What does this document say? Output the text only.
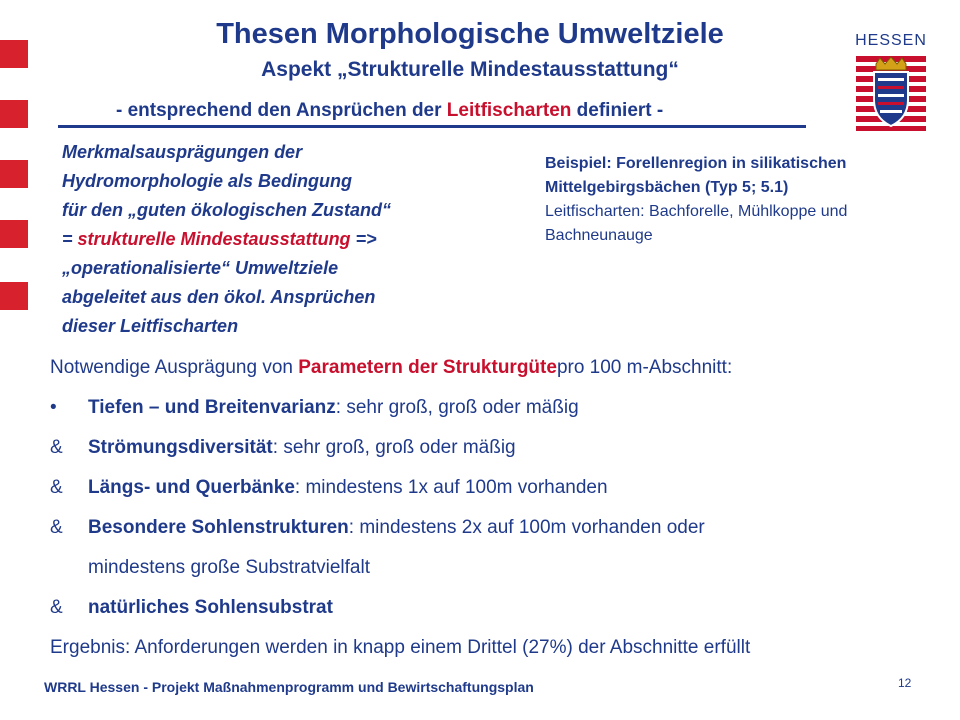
Thesen Morphologische Umweltziele
Aspekt „Strukturelle Mindestausstattung“
- entsprechend den Ansprüchen der Leitfischarten definiert -
HESSEN
Merkmalsausprägungen der
Hydromorphologie als Bedingung
für den „guten ökologischen Zustand“
= strukturelle Mindestausstattung =>
„operationalisierte“ Umweltziele
abgeleitet aus den ökol. Ansprüchen
dieser Leitfischarten
Beispiel: Forellenregion in silikatischen
Mittelgebirgsbächen (Typ 5; 5.1)
Leitfischarten: Bachforelle, Mühlkoppe und
Bachneunauge
Notwendige Ausprägung von
Parametern der Strukturgüte pro 100 m-Abschnitt:
•	Tiefen – und Breitenvarianz : sehr groß, groß oder mäßig
&	Strömungsdiversität : sehr groß, groß oder mäßig
&	Längs- und Querbänke : mindestens 1x auf 100m vorhanden
&	Besondere Sohlenstrukturen : mindestens 2x auf 100m vorhanden oder
mindestens große Substratvielfalt
&	natürliches Sohlensubstrat
Ergebnis: Anforderungen werden in knapp einem Drittel (27%) der Abschnitte erfüllt
WRRL Hessen - Projekt Maßnahmenprogramm und Bewirtschaftungsplan	12
